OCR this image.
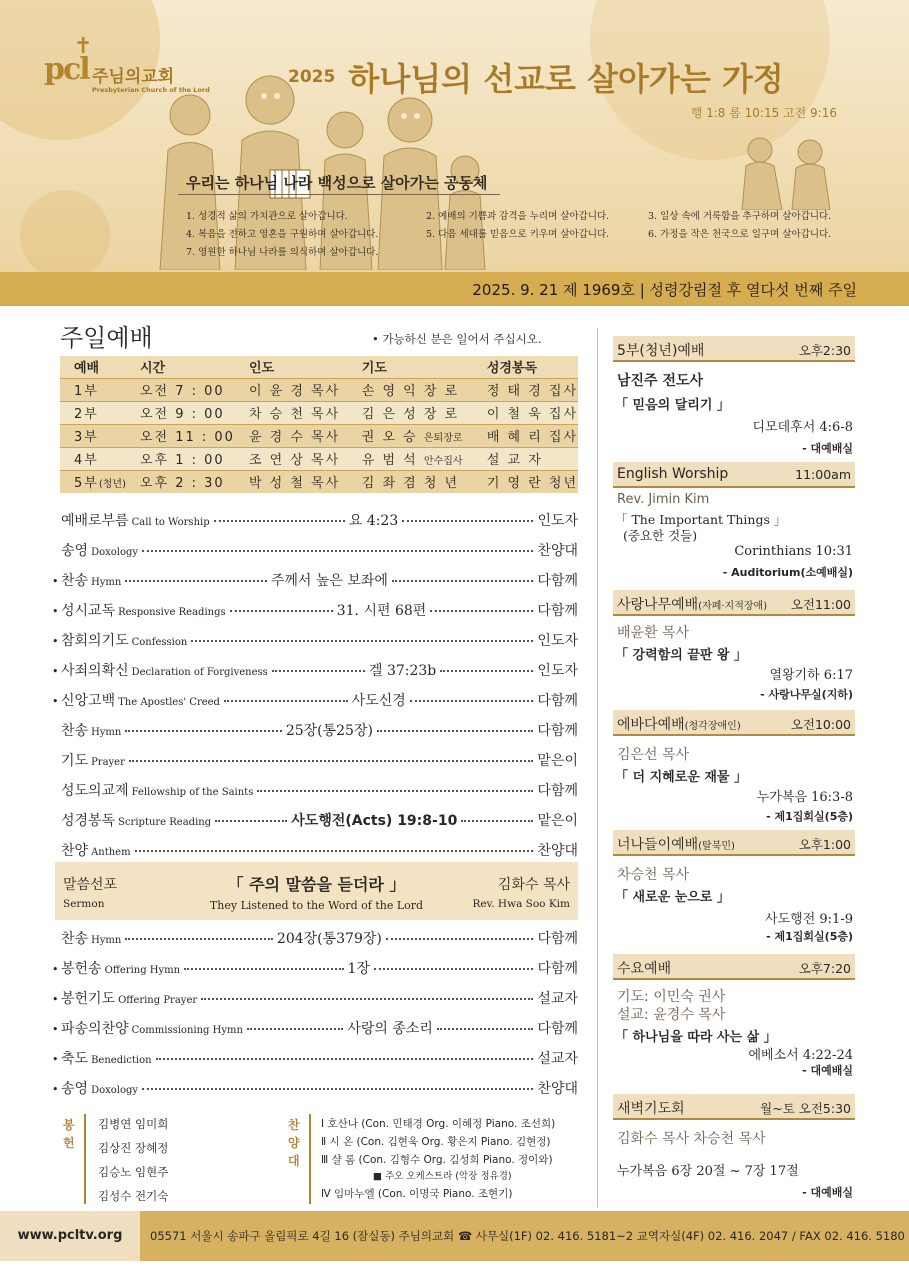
✝
pcl 주님의교회
Presbyterian Church of the Lord
2025 하나님의 선교로 살아가는 가정
행 1:8 롬 10:15 고전 9:16
우리는 하나님 나라 백성으로 살아가는 공동체
1. 성경적 삶의 가치관으로 살아갑니다.	2. 예배의 기쁨과 감격을 누리며 살아갑니다.	3. 일상 속에 거룩함을 추구하며 살아갑니다.
4. 복음을 전하고 영혼을 구원하며 살아갑니다.	5. 다음 세대를 믿음으로 키우며 살아갑니다.	6. 가정을 작은 천국으로 일구며 살아갑니다.
7. 영원한 하나님 나라를 의식하며 살아갑니다.
2025. 9. 21 제 1969호 | 성령강림절 후 열다섯 번째 주일
주일예배	• 가능하신 분은 일어서 주십시오.
예배	시간	인도	기도	성경봉독
1부	오전 7 : 00	이 윤 경 목사	손 영 익 장 로	정 태 경 집사
2부	오전 9 : 00	차 승 천 목사	김 은 성 장 로	이 철 욱 집사
3부	오전 11 : 00	윤 경 수 목사	권 오 승 은퇴장로	배 혜 리 집사
4부	오후 1 : 00	조 연 상 목사	유 범 석 안수집사	설 교 자
5부(청년)	오후 2 : 30	박 성 철 목사	김 좌 겸 청 년	기 영 란 청년
예배로부름 Call to Worship	요 4:23	인도자
송영 Doxology	찬양대
• 찬송 Hymn	주께서 높은 보좌에	다함께
• 성시교독 Responsive Readings	31. 시편 68편	다함께
• 참회의기도 Confession	인도자
• 사죄의확신 Declaration of Forgiveness	겔 37:23b	인도자
• 신앙고백 The Apostles' Creed	사도신경	다함께
찬송 Hymn	25장(통25장)	다함께
기도 Prayer	맡은이
성도의교제 Fellowship of the Saints	다함께
성경봉독 Scripture Reading	사도행전(Acts) 19:8-10	맡은이
찬양 Anthem	찬양대
말씀선포
Sermon
「 주의 말씀을 듣더라 」
They Listened to the Word of the Lord
김화수 목사
Rev. Hwa Soo Kim
찬송 Hymn	204장(통379장)	다함께
• 봉헌송 Offering Hymn	1장	다함께
• 봉헌기도 Offering Prayer	설교자
• 파송의찬양 Commissioning Hymn	사랑의 종소리	다함께
• 축도 Benediction	설교자
• 송영 Doxology	찬양대
봉
헌
김병연 임미희
김상진 장혜정
김승노 임현주
김성수 전기숙
찬
양
대
Ⅰ 호산나 (Con. 민태경 Org. 이혜정 Piano. 조선희)
Ⅱ 시 온 (Con. 김현욱 Org. 황은지 Piano. 김현정)
Ⅲ 샬 롬 (Con. 김형수 Org. 김성희 Piano. 정이와)
■ 주오 오케스트라 (악장 정유경)
Ⅳ 임마누엘 (Con. 이명국 Piano. 조현기)
5부(청년)예배	오후2:30
남진주 전도사
「 믿음의 달리기 」
디모데후서 4:6-8
- 대예배실
English Worship	11:00am
Rev. Jimin Kim
「 The Important Things 」
(중요한 것들)
Corinthians 10:31
- Auditorium(소예배실)
사랑나무예배(자폐·지적장애) 오전11:00
배윤환 목사
「 강력함의 끝판 왕 」
열왕기하 6:17
- 사랑나무실(지하)
에바다예배(청각장애인)	오전10:00
김은선 목사
「 더 지혜로운 재물 」
누가복음 16:3-8
- 제1집회실(5층)
너나들이예배(탈북민)	오후1:00
차승천 목사
「 새로운 눈으로 」
사도행전 9:1-9
- 제1집회실(5층)
수요예배	오후7:20
기도: 이민숙 권사
설교: 윤경수 목사
「 하나님을 따라 사는 삶 」
에베소서 4:22-24
- 대예배실
새벽기도회	월~토 오전5:30
김화수 목사 차승천 목사
누가복음 6장 20절 ~ 7장 17절
- 대예배실
www.pcltv.org	05571 서울시 송파구 올림픽로 4길 16 (잠실동) 주님의교회 ☎ 사무실(1F) 02. 416. 5181~2 교역자실(4F) 02. 416. 2047 / FAX 02. 416. 5180
